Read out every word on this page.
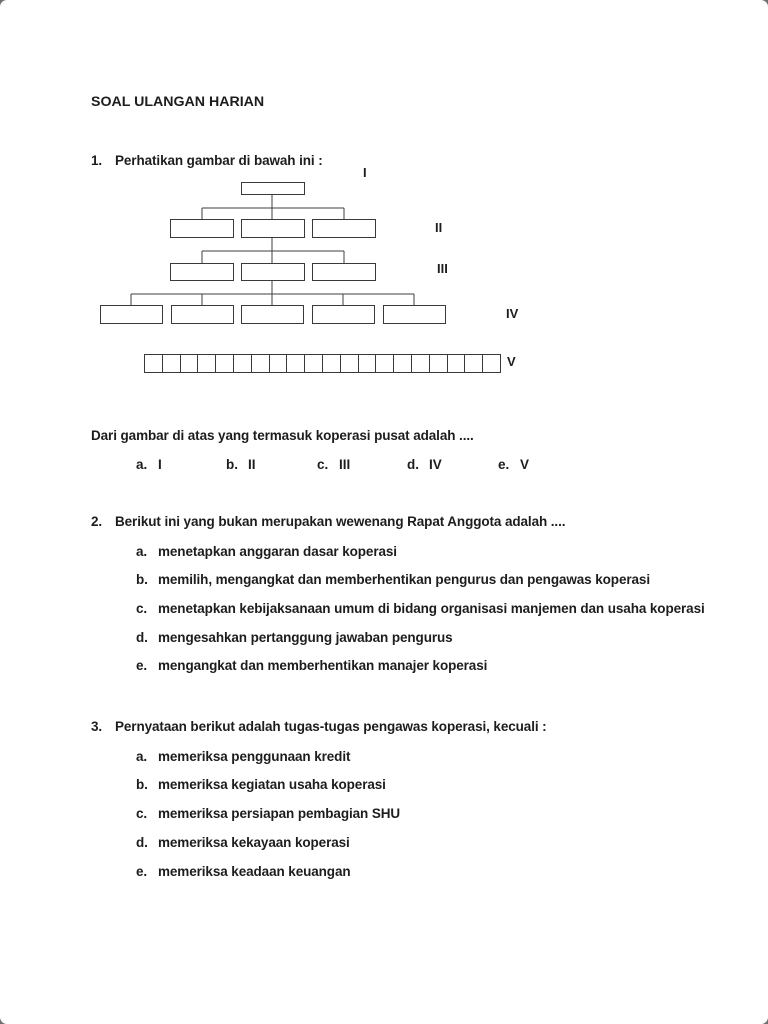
SOAL ULANGAN HARIAN
1. Perhatikan gambar di bawah ini :
I
II
III
IV
V
Dari gambar di atas yang termasuk koperasi pusat adalah ....
a. I	b. II	c. III	d. IV	e. V
2. Berikut ini yang bukan merupakan wewenang Rapat Anggota adalah ....
a. menetapkan anggaran dasar koperasi
b. memilih, mengangkat dan memberhentikan pengurus dan pengawas koperasi
c. menetapkan kebijaksanaan umum di bidang organisasi manjemen dan usaha koperasi
d. mengesahkan pertanggung jawaban pengurus
e. mengangkat dan memberhentikan manajer koperasi
3. Pernyataan berikut adalah tugas-tugas pengawas koperasi, kecuali :
a. memeriksa penggunaan kredit
b. memeriksa kegiatan usaha koperasi
c. memeriksa persiapan pembagian SHU
d. memeriksa kekayaan koperasi
e. memeriksa keadaan keuangan
